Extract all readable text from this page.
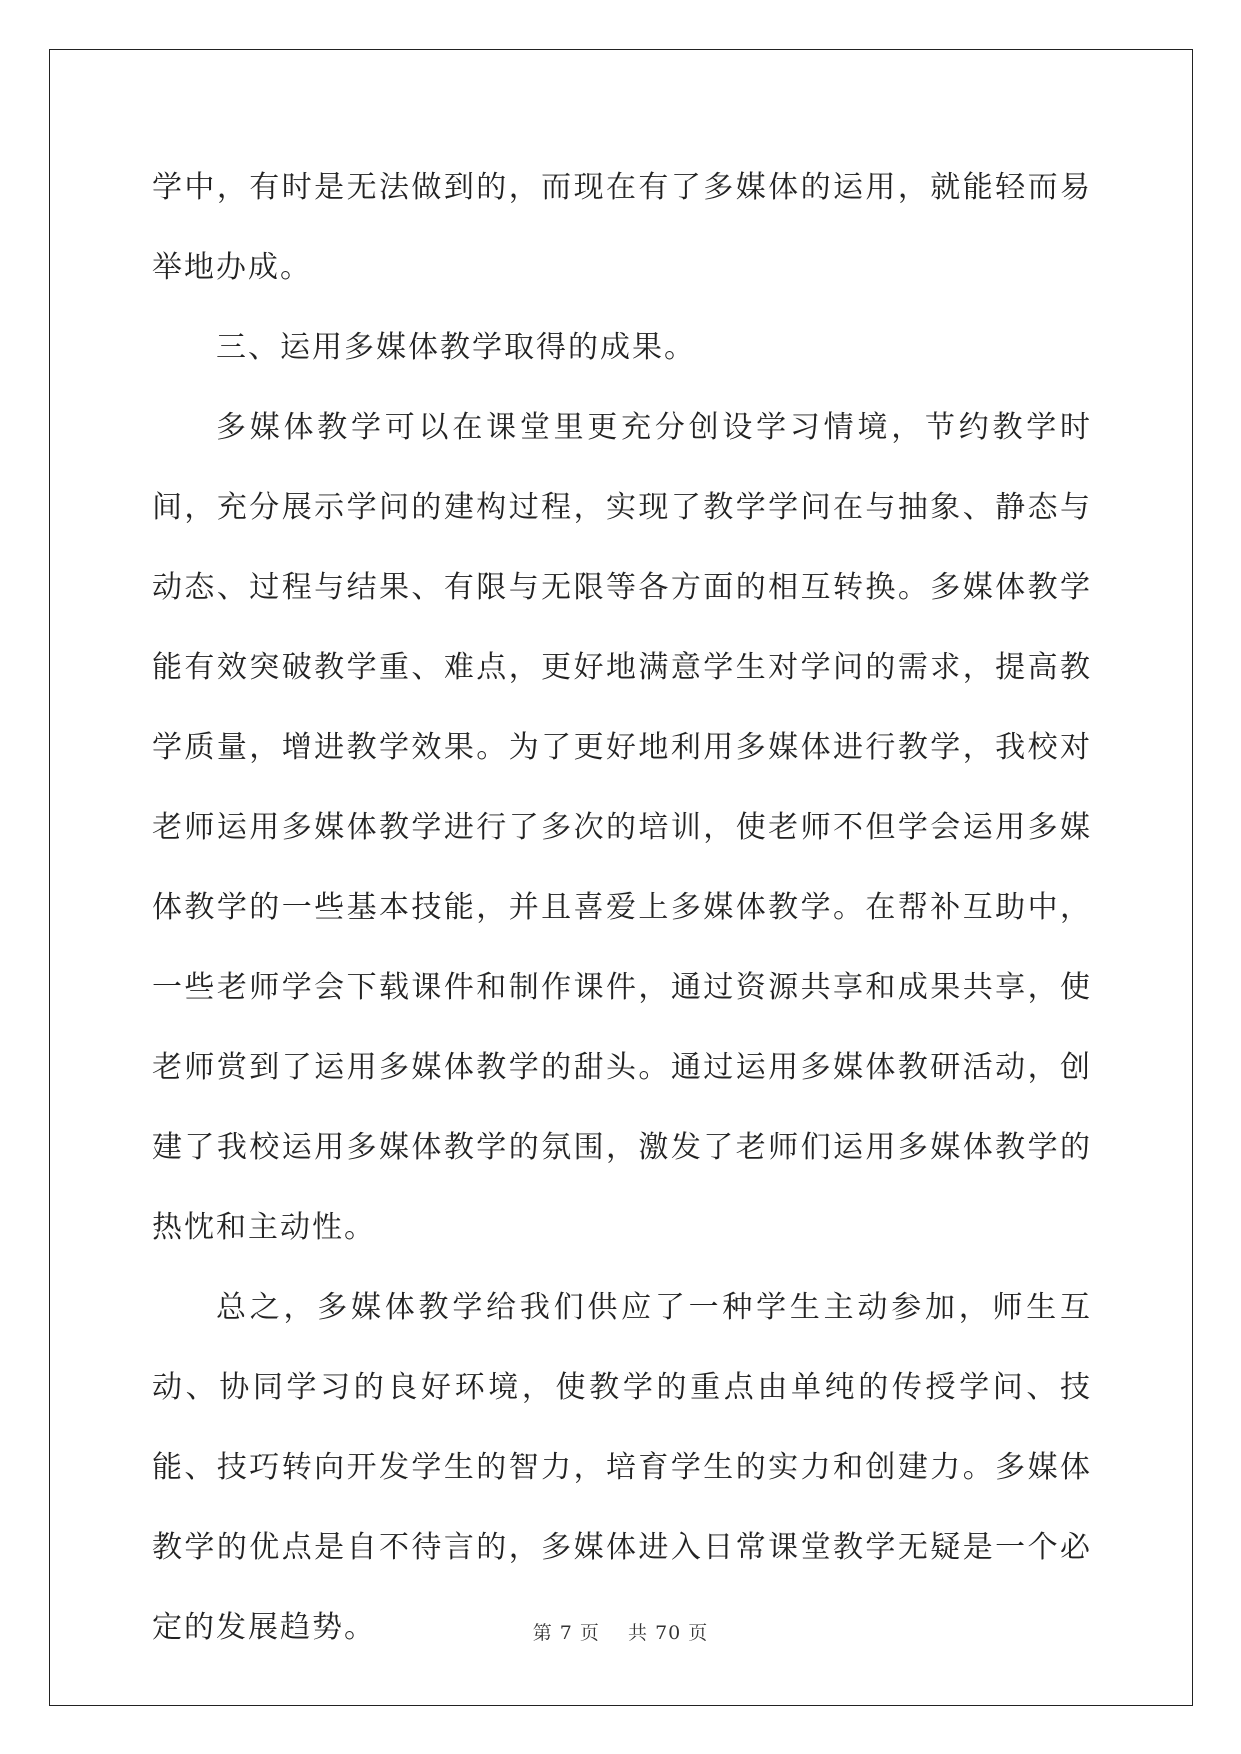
学中，有时是无法做到的，而现在有了多媒体的运用，就能轻而易举地办成。

三、运用多媒体教学取得的成果。

多媒体教学可以在课堂里更充分创设学习情境，节约教学时间，充分展示学问的建构过程，实现了教学学问在与抽象、静态与动态、过程与结果、有限与无限等各方面的相互转换。多媒体教学能有效突破教学重、难点，更好地满意学生对学问的需求，提高教学质量，增进教学效果。为了更好地利用多媒体进行教学，我校对老师运用多媒体教学进行了多次的培训，使老师不但学会运用多媒体教学的一些基本技能，并且喜爱上多媒体教学。在帮补互助中，一些老师学会下载课件和制作课件，通过资源共享和成果共享，使老师赏到了运用多媒体教学的甜头。通过运用多媒体教研活动，创建了我校运用多媒体教学的氛围，激发了老师们运用多媒体教学的热忱和主动性。

总之，多媒体教学给我们供应了一种学生主动参加，师生互动、协同学习的良好环境，使教学的重点由单纯的传授学问、技能、技巧转向开发学生的智力，培育学生的实力和创建力。多媒体教学的优点是自不待言的，多媒体进入日常课堂教学无疑是一个必定的发展趋势。	第 7 页    共 70 页
